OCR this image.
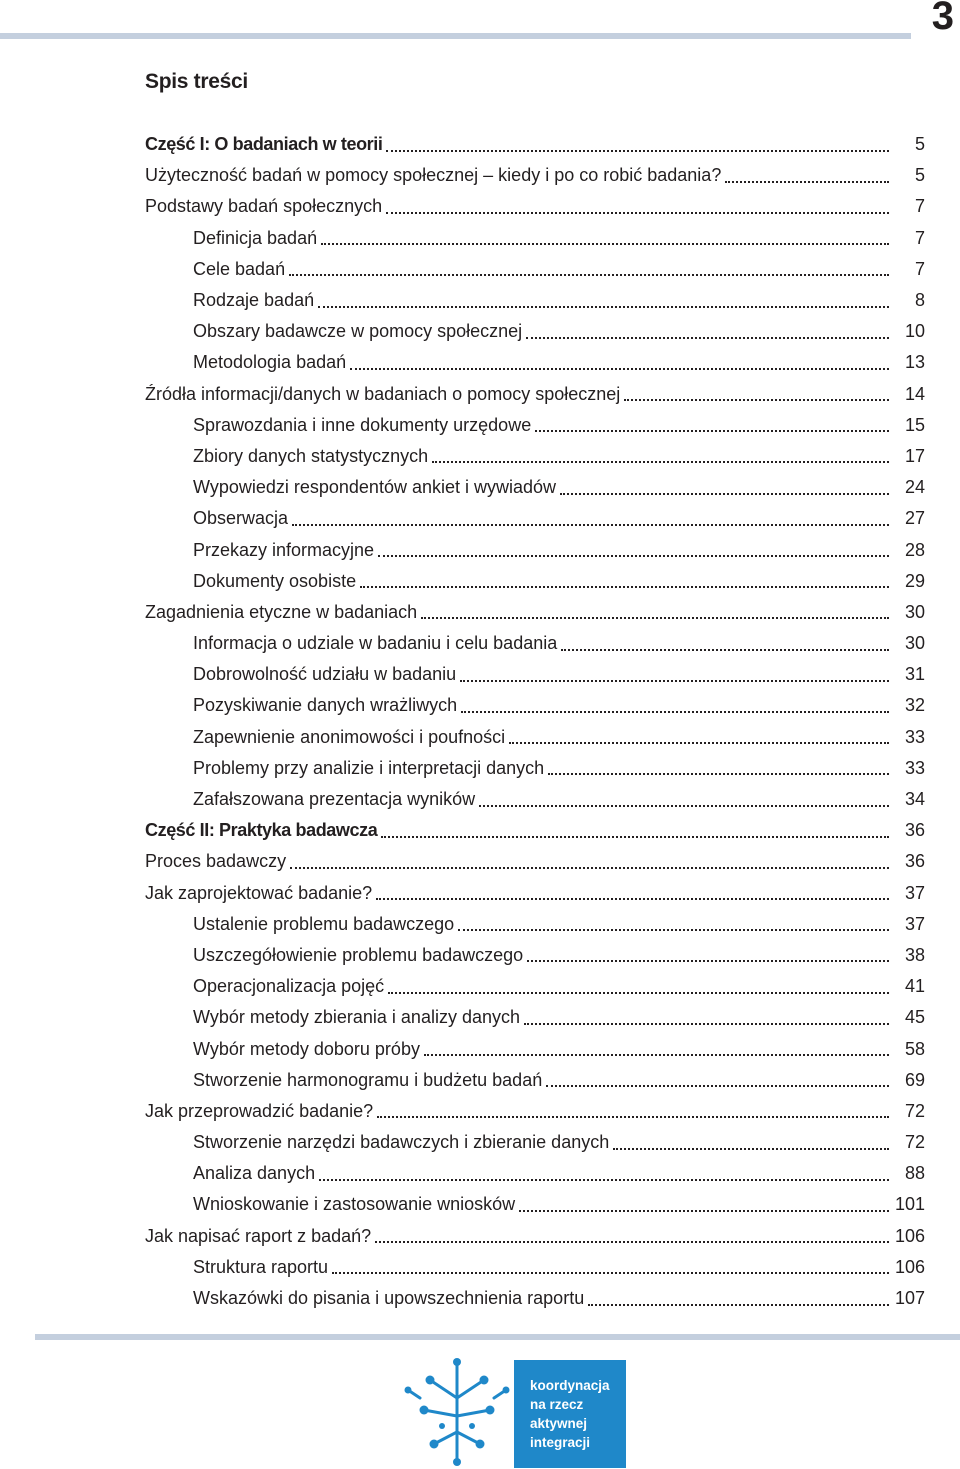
3
Spis treści
Część I: O badaniach w teorii	5
Użyteczność badań w pomocy społecznej – kiedy i po co robić badania?	5
Podstawy badań społecznych	7
Definicja badań	7
Cele badań	7
Rodzaje badań	8
Obszary badawcze w pomocy społecznej	10
Metodologia badań	13
Źródła informacji/danych w badaniach o pomocy społecznej	14
Sprawozdania i inne dokumenty urzędowe	15
Zbiory danych statystycznych	17
Wypowiedzi respondentów ankiet i wywiadów	24
Obserwacja	27
Przekazy informacyjne	28
Dokumenty osobiste	29
Zagadnienia etyczne w badaniach	30
Informacja o udziale w badaniu i celu badania	30
Dobrowolność udziału w badaniu	31
Pozyskiwanie danych wrażliwych	32
Zapewnienie anonimowości i poufności	33
Problemy przy analizie i interpretacji danych	33
Zafałszowana prezentacja wyników	34
Część II: Praktyka badawcza	36
Proces badawczy	36
Jak zaprojektować badanie?	37
Ustalenie problemu badawczego	37
Uszczegółowienie problemu badawczego	38
Operacjonalizacja pojęć	41
Wybór metody zbierania i analizy danych	45
Wybór metody doboru próby	58
Stworzenie harmonogramu i budżetu badań	69
Jak przeprowadzić badanie?	72
Stworzenie narzędzi badawczych i zbieranie danych	72
Analiza danych	88
Wnioskowanie i zastosowanie wniosków	101
Jak napisać raport z badań?	106
Struktura raportu	106
Wskazówki do pisania i upowszechnienia raportu	107
koordynacja
na rzecz
aktywnej
integracji
